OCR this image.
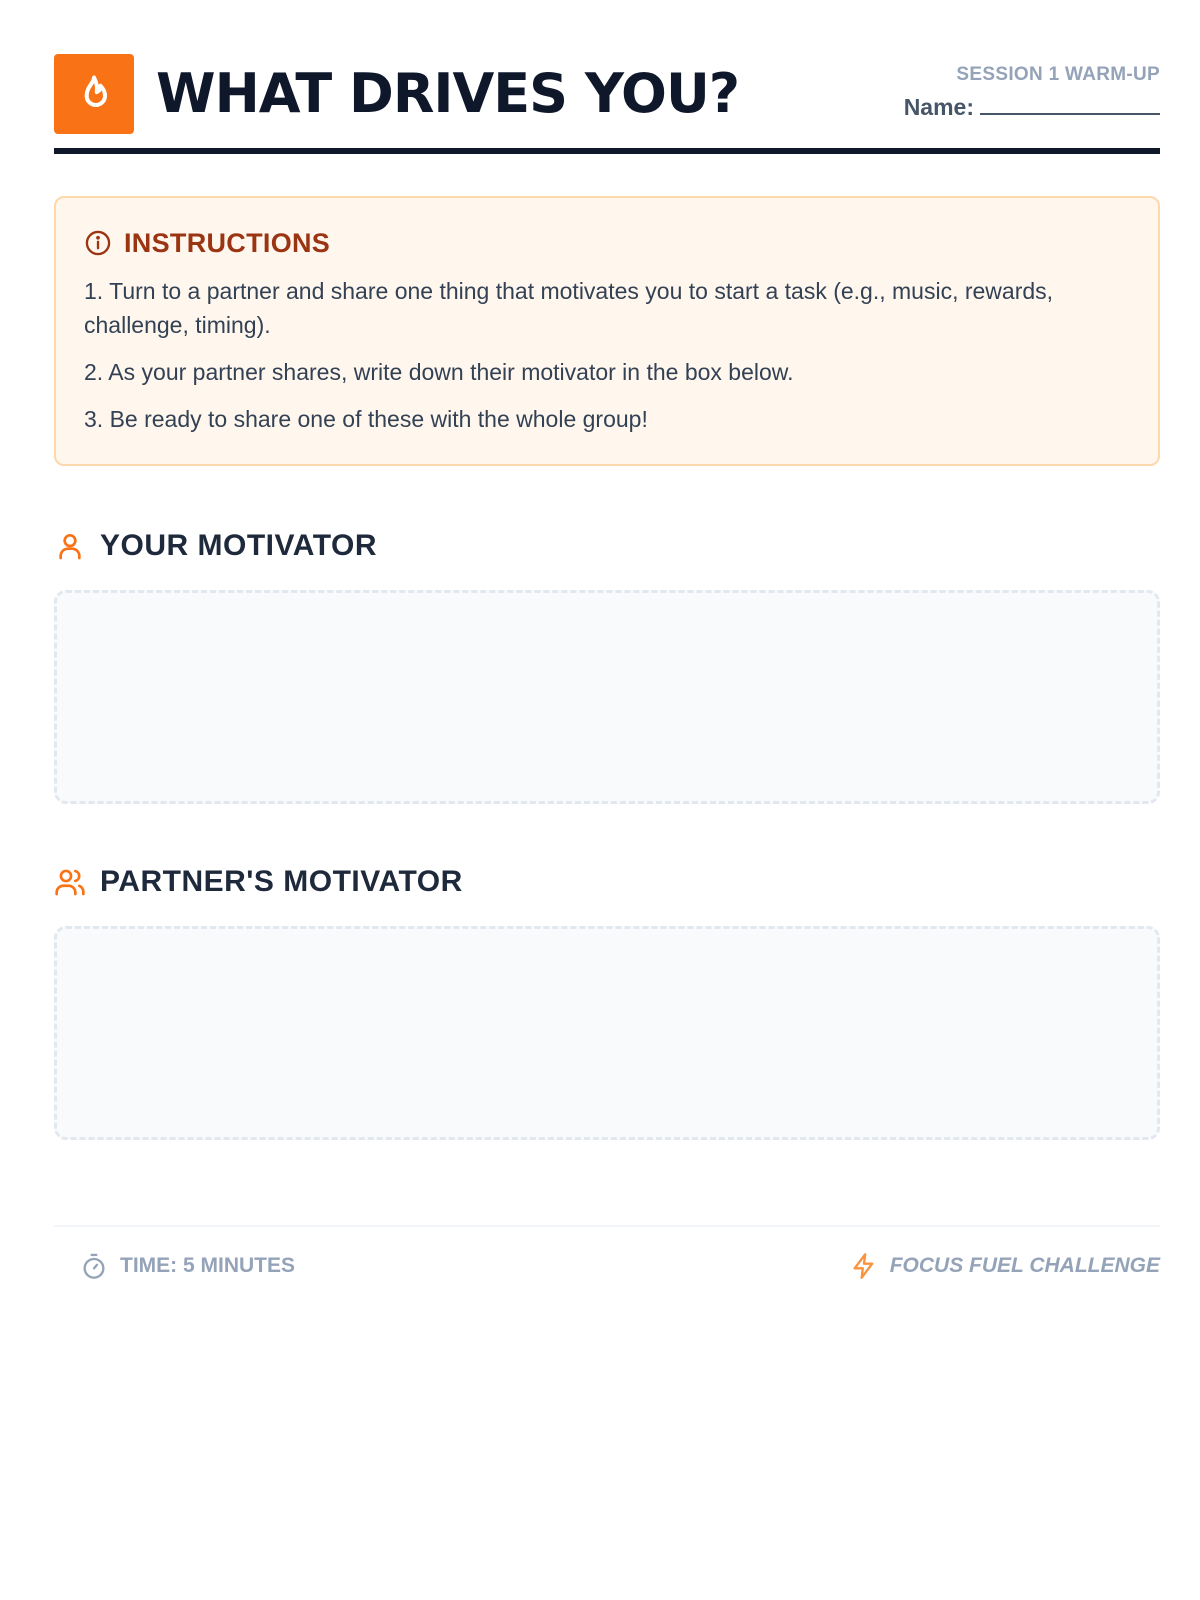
WHAT DRIVES YOU?	SESSION 1 WARM-UP
Name:
INSTRUCTIONS

1. Turn to a partner and share one thing that motivates you to start a task (e.g., music, rewards, challenge, timing).

2. As your partner shares, write down their motivator in the box below.

3. Be ready to share one of these with the whole group!

YOUR MOTIVATOR
PARTNER'S MOTIVATOR
TIME: 5 MINUTES	FOCUS FUEL CHALLENGE
